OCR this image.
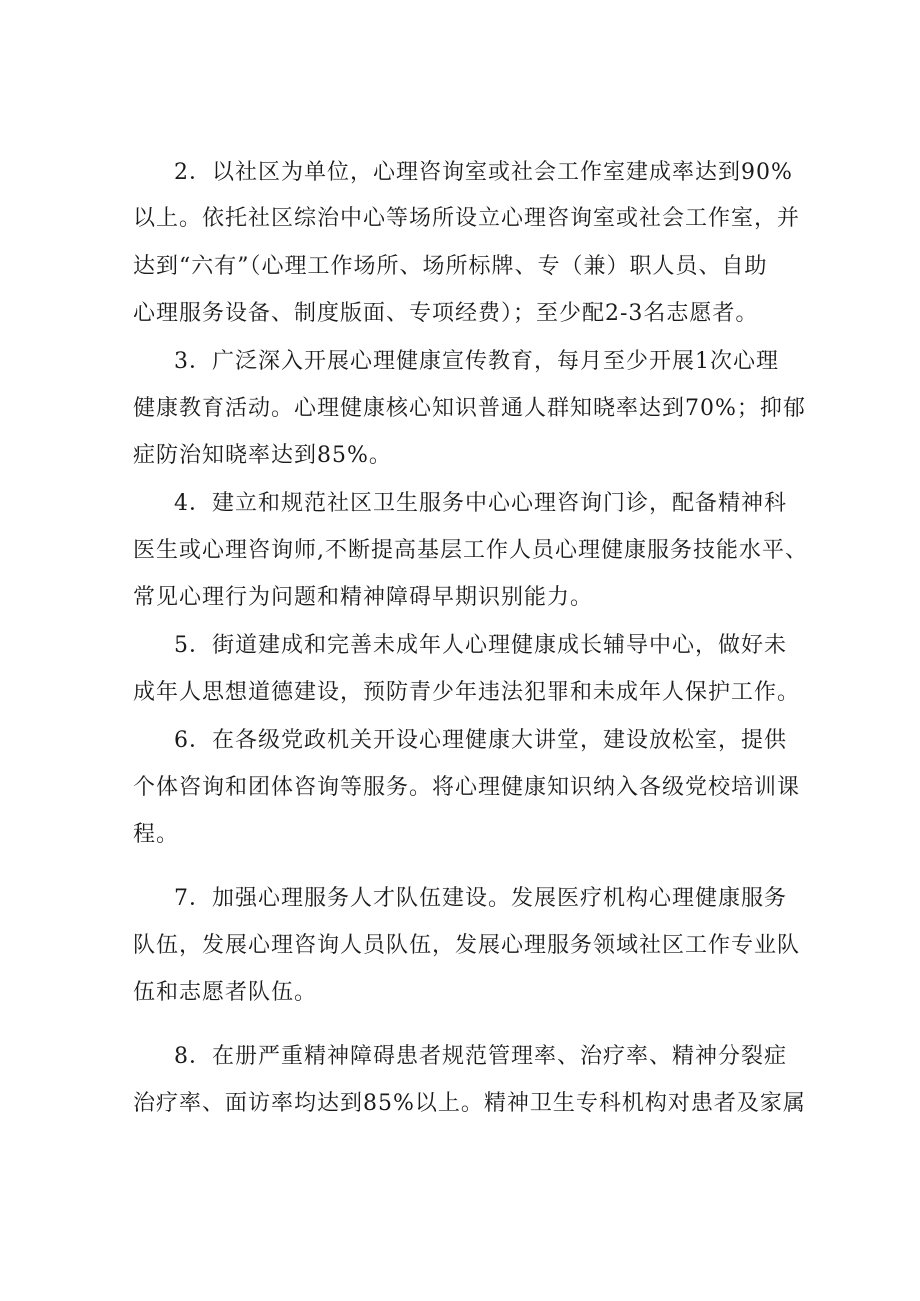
2．以社区为单位，心理咨询室或社会工作室建成率达到90%
以上。依托社区综治中心等场所设立心理咨询室或社会工作室，并
达到“六有”（心理工作场所、场所标牌、专（兼）职人员、自助
心理服务设备、制度版面、专项经费）；至少配2-3名志愿者。
3．广泛深入开展心理健康宣传教育，每月至少开展1次心理
健康教育活动。心理健康核心知识普通人群知晓率达到70%；抑郁
症防治知晓率达到85%。
4．建立和规范社区卫生服务中心心理咨询门诊，配备精神科
医生或心理咨询师,不断提高基层工作人员心理健康服务技能水平、
常见心理行为问题和精神障碍早期识别能力。
5．街道建成和完善未成年人心理健康成长辅导中心，做好未
成年人思想道德建设，预防青少年违法犯罪和未成年人保护工作。
6．在各级党政机关开设心理健康大讲堂，建设放松室，提供
个体咨询和团体咨询等服务。将心理健康知识纳入各级党校培训课
程。
7．加强心理服务人才队伍建设。发展医疗机构心理健康服务
队伍，发展心理咨询人员队伍，发展心理服务领域社区工作专业队
伍和志愿者队伍。
8．在册严重精神障碍患者规范管理率、治疗率、精神分裂症
治疗率、面访率均达到85%以上。精神卫生专科机构对患者及家属
